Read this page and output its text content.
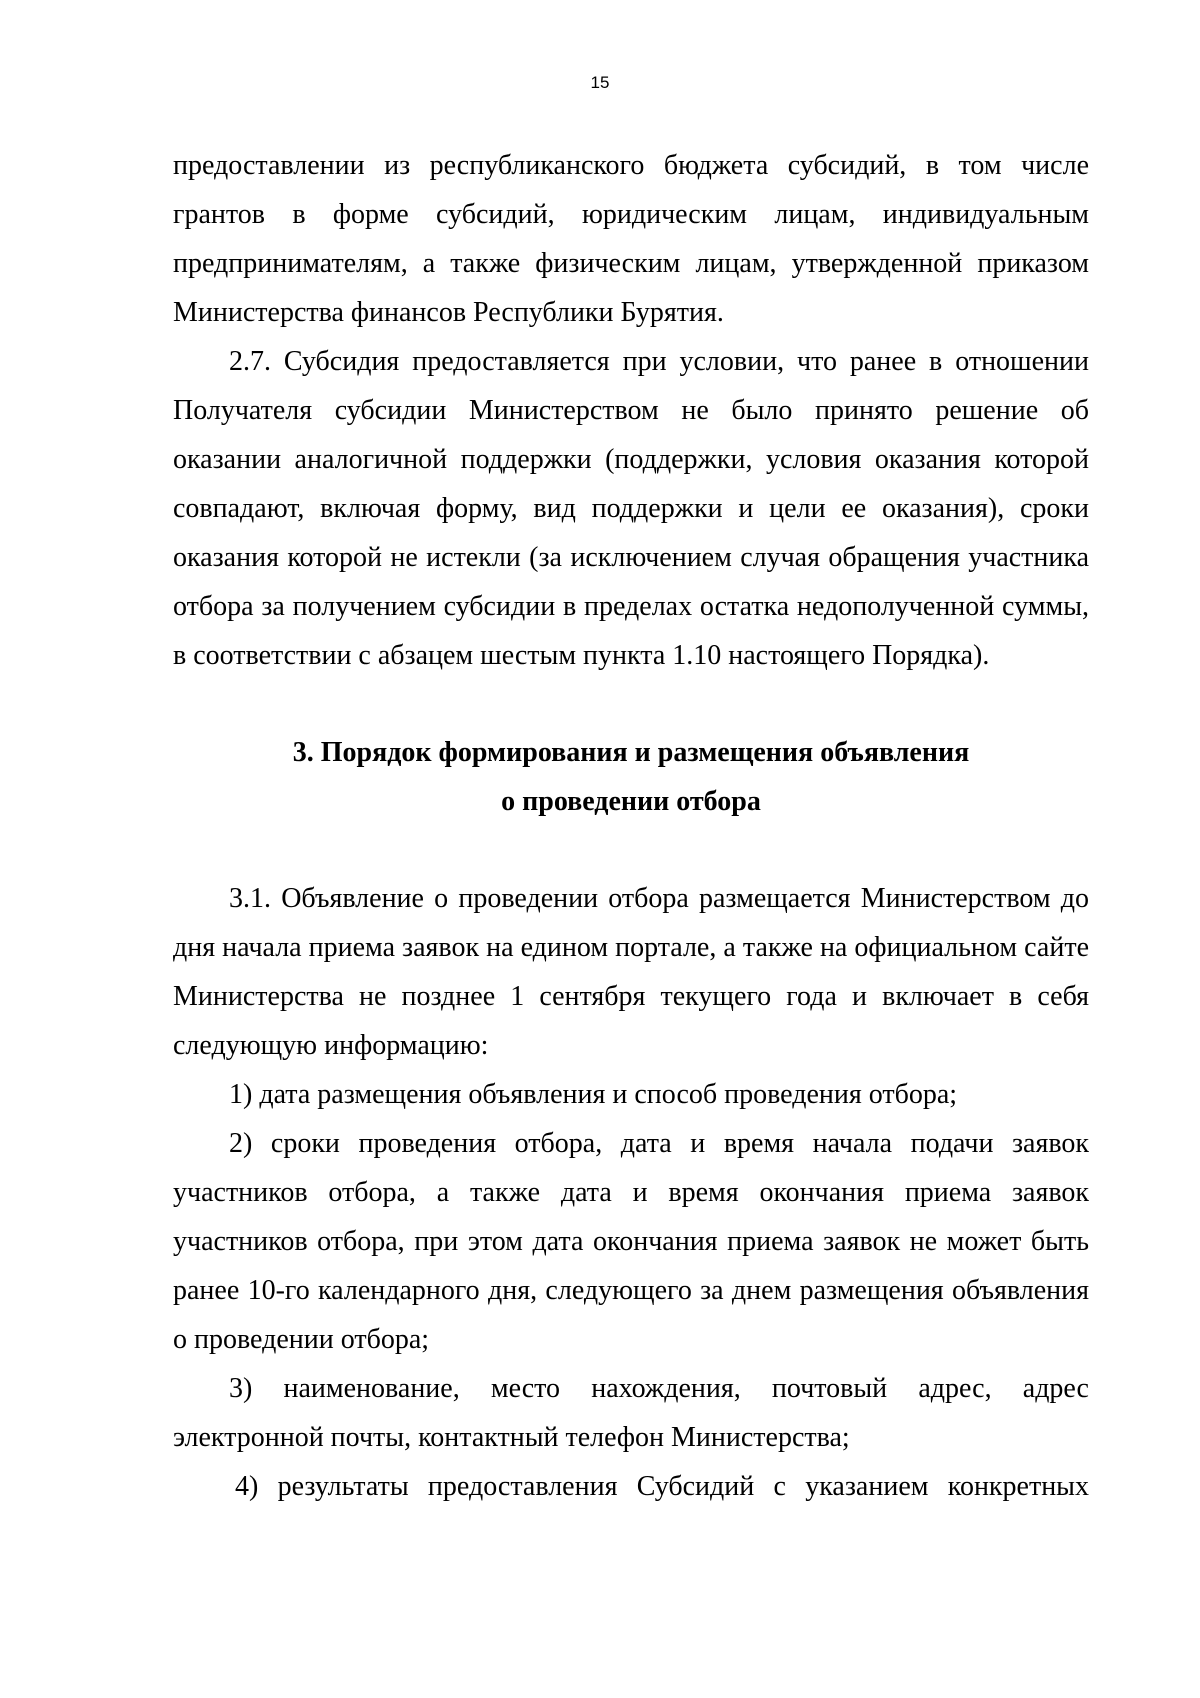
15

предоставлении из республиканского бюджета субсидий, в том числе грантов в форме субсидий, юридическим лицам, индивидуальным предпринимателям, а также физическим лицам, утвержденной приказом Министерства финансов Республики Бурятия.

2.7. Субсидия предоставляется при условии, что ранее в отношении Получателя субсидии Министерством не было принято решение об оказании аналогичной поддержки (поддержки, условия оказания которой совпадают, включая форму, вид поддержки и цели ее оказания), сроки оказания которой не истекли (за исключением случая обращения участника отбора за получением субсидии в пределах остатка недополученной суммы, в соответствии с абзацем шестым пункта 1.10 настоящего Порядка).

3. Порядок формирования и размещения объявления
о проведении отбора

3.1. Объявление о проведении отбора размещается Министерством до дня начала приема заявок на едином портале, а также на официальном сайте Министерства не позднее 1 сентября текущего года и включает в себя следующую информацию:

1) дата размещения объявления и способ проведения отбора;

2) сроки проведения отбора, дата и время начала подачи заявок участников отбора, а также дата и время окончания приема заявок участников отбора, при этом дата окончания приема заявок не может быть ранее 10-го календарного дня, следующего за днем размещения объявления о проведении отбора;

3) наименование, место нахождения, почтовый адрес, адрес электронной почты, контактный телефон Министерства;

4) результаты предоставления Субсидий с указанием конкретных
